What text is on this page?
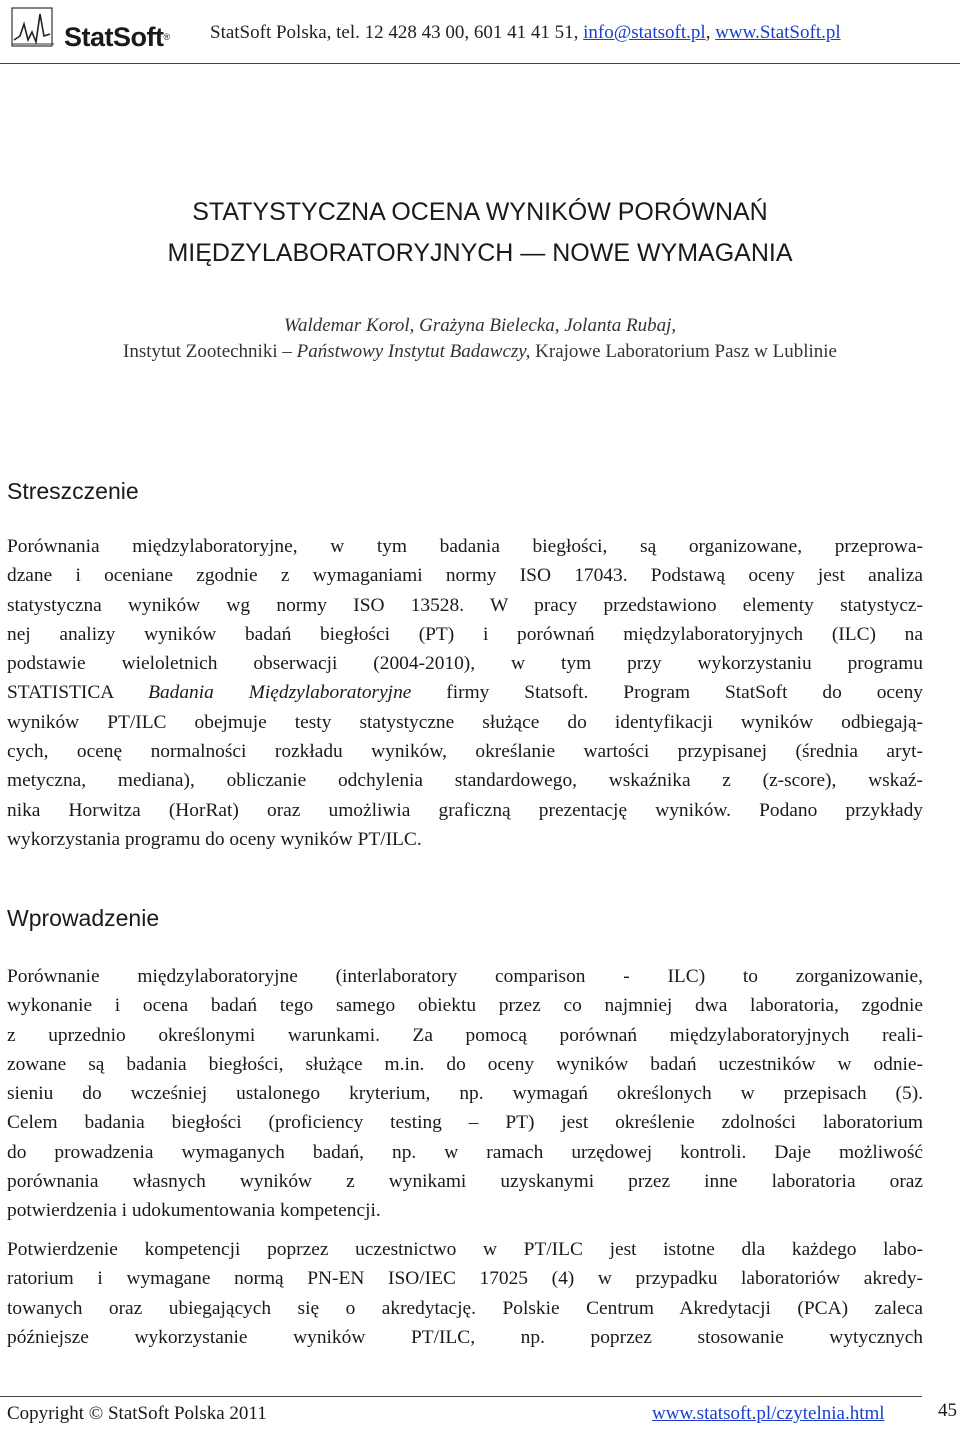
StatSoft® StatSoft Polska, tel. 12 428 43 00, 601 41 41 51, info@statsoft.pl, www.StatSoft.pl
STATYSTYCZNA OCENA WYNIKÓW PORÓWNAŃ
MIĘDZYLABORATORYJNYCH — NOWE WYMAGANIA
Waldemar Korol, Grażyna Bielecka, Jolanta Rubaj,
Instytut Zootechniki – Państwowy Instytut Badawczy, Krajowe Laboratorium Pasz w Lublinie
Streszczenie
Porównania międzylaboratoryjne, w tym badania biegłości, są organizowane, przeprowa-
dzane i oceniane zgodnie z wymaganiami normy ISO 17043. Podstawą oceny jest analiza
statystyczna wyników wg normy ISO 13528. W pracy przedstawiono elementy statystycz-
nej analizy wyników badań biegłości (PT) i porównań międzylaboratoryjnych (ILC) na
podstawie wieloletnich obserwacji (2004-2010), w tym przy wykorzystaniu programu
STATISTICA Badania Międzylaboratoryjne firmy Statsoft. Program StatSoft do oceny
wyników PT/ILC obejmuje testy statystyczne służące do identyfikacji wyników odbiegają-
cych, ocenę normalności rozkładu wyników, określanie wartości przypisanej (średnia aryt-
metyczna, mediana), obliczanie odchylenia standardowego, wskaźnika z (z-score), wskaź-
nika Horwitza (HorRat) oraz umożliwia graficzną prezentację wyników. Podano przykłady
wykorzystania programu do oceny wyników PT/ILC.
Wprowadzenie
Porównanie międzylaboratoryjne (interlaboratory comparison - ILC) to zorganizowanie,
wykonanie i ocena badań tego samego obiektu przez co najmniej dwa laboratoria, zgodnie
z uprzednio określonymi warunkami. Za pomocą porównań międzylaboratoryjnych reali-
zowane są badania biegłości, służące m.in. do oceny wyników badań uczestników w odnie-
sieniu do wcześniej ustalonego kryterium, np. wymagań określonych w przepisach (5).
Celem badania biegłości (proficiency testing – PT) jest określenie zdolności laboratorium
do prowadzenia wymaganych badań, np. w ramach urzędowej kontroli. Daje możliwość
porównania własnych wyników z wynikami uzyskanymi przez inne laboratoria oraz
potwierdzenia i udokumentowania kompetencji.
Potwierdzenie kompetencji poprzez uczestnictwo w PT/ILC jest istotne dla każdego labo-
ratorium i wymagane normą PN-EN ISO/IEC 17025 (4) w przypadku laboratoriów akredy-
towanych oraz ubiegających się o akredytację. Polskie Centrum Akredytacji (PCA) zaleca
późniejsze wykorzystanie wyników PT/ILC, np. poprzez stosowanie wytycznych
Copyright © StatSoft Polska 2011	www.statsoft.pl/czytelnia.html	45
